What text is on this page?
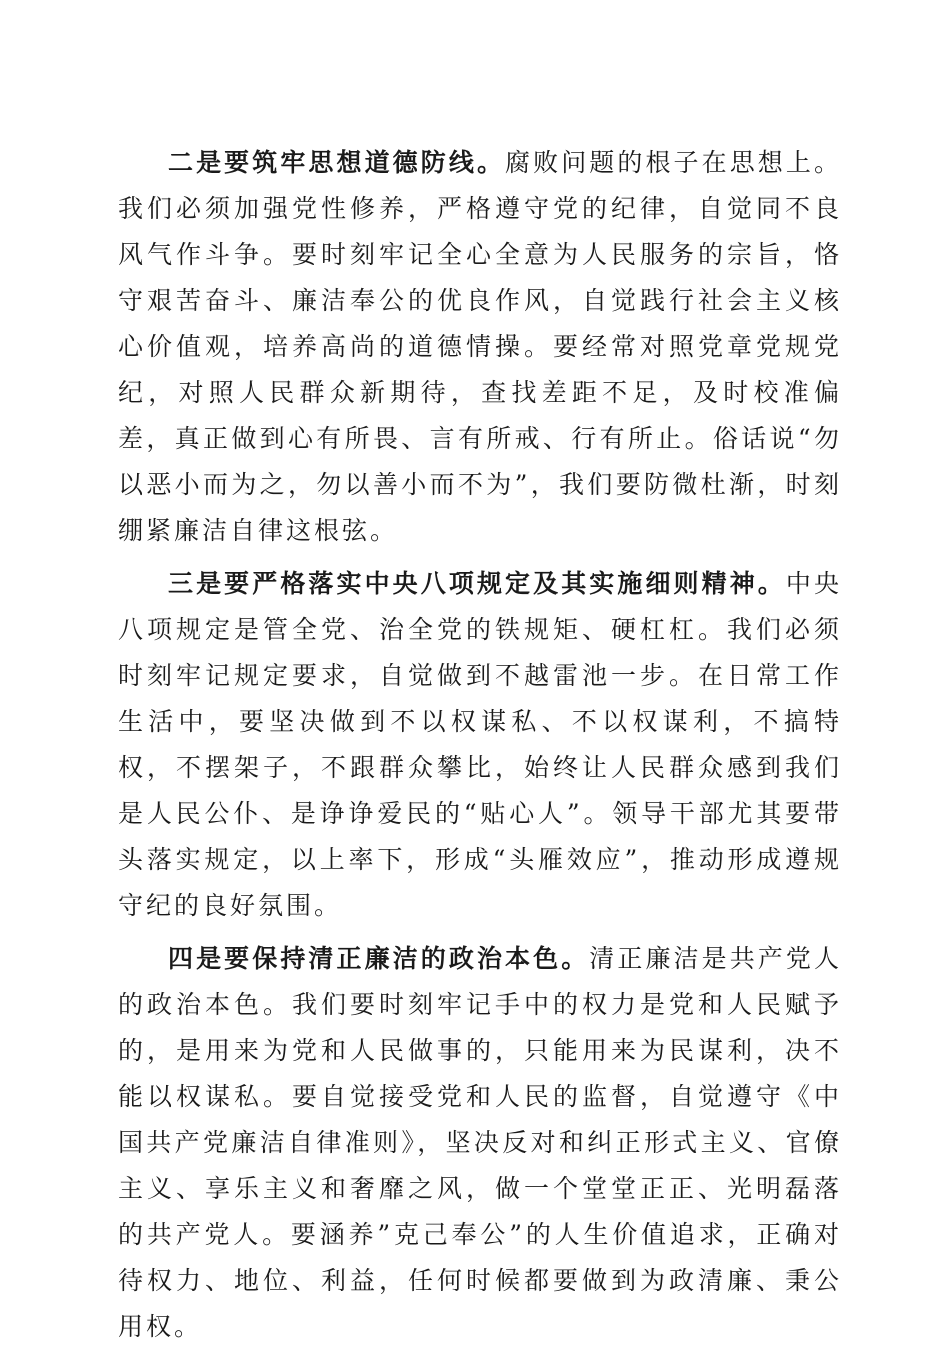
二是要筑牢思想道德防线。腐败问题的根子在思想上。我们必须加强党性修养，严格遵守党的纪律，自觉同不良风气作斗争。要时刻牢记全心全意为人民服务的宗旨，恪守艰苦奋斗、廉洁奉公的优良作风，自觉践行社会主义核心价值观，培养高尚的道德情操。要经常对照党章党规党纪，对照人民群众新期待，查找差距不足，及时校准偏差，真正做到心有所畏、言有所戒、行有所止。俗话说“勿以恶小而为之，勿以善小而不为”，我们要防微杜渐，时刻绷紧廉洁自律这根弦。

三是要严格落实中央八项规定及其实施细则精神。中央八项规定是管全党、治全党的铁规矩、硬杠杠。我们必须时刻牢记规定要求，自觉做到不越雷池一步。在日常工作生活中，要坚决做到不以权谋私、不以权谋利，不搞特权，不摆架子，不跟群众攀比，始终让人民群众感到我们是人民公仆、是诤诤爱民的“贴心人”。领导干部尤其要带头落实规定，以上率下，形成“头雁效应”，推动形成遵规守纪的良好氛围。

四是要保持清正廉洁的政治本色。清正廉洁是共产党人的政治本色。我们要时刻牢记手中的权力是党和人民赋予的，是用来为党和人民做事的，只能用来为民谋利，决不能以权谋私。要自觉接受党和人民的监督，自觉遵守《中国共产党廉洁自律准则》，坚决反对和纠正形式主义、官僚主义、享乐主义和奢靡之风，做一个堂堂正正、光明磊落的共产党人。要涵养”克己奉公”的人生价值追求，正确对待权力、地位、利益，任何时候都要做到为政清廉、秉公用权。
